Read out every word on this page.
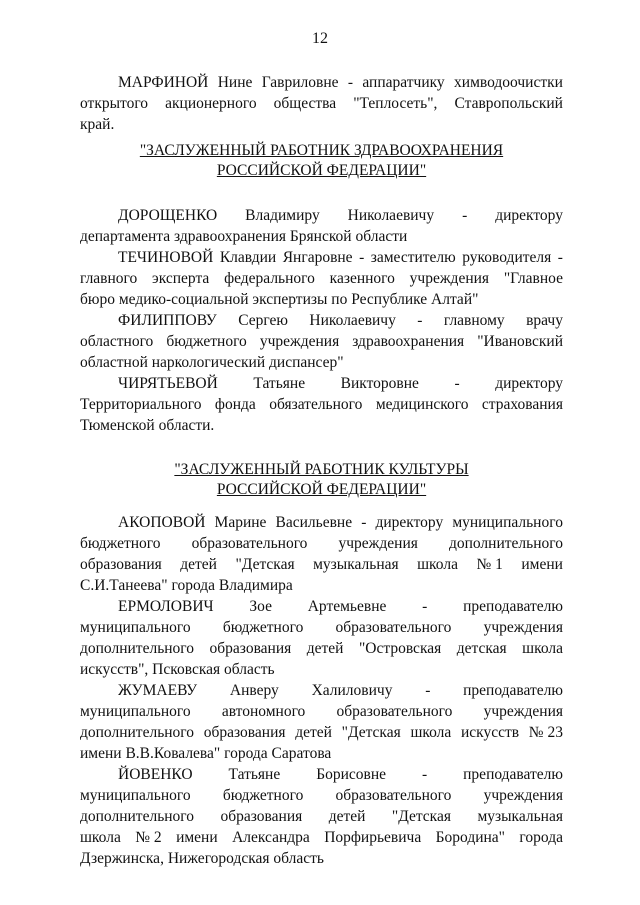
12
МАРФИНОЙ Нине Гавриловне - аппаратчику химводоочистки
открытого акционерного общества "Теплосеть", Ставропольский
край.
"ЗАСЛУЖЕННЫЙ РАБОТНИК ЗДРАВООХРАНЕНИЯ
РОССИЙСКОЙ ФЕДЕРАЦИИ"
ДОРОЩЕНКО Владимиру Николаевичу - директору
департамента здравоохранения Брянской области
ТЕЧИНОВОЙ Клавдии Янгаровне - заместителю руководителя -
главного эксперта федерального казенного учреждения "Главное
бюро медико-социальной экспертизы по Республике Алтай"
ФИЛИППОВУ Сергею Николаевичу - главному врачу
областного бюджетного учреждения здравоохранения "Ивановский
областной наркологический диспансер"
ЧИРЯТЬЕВОЙ Татьяне Викторовне - директору
Территориального фонда обязательного медицинского страхования
Тюменской области.
"ЗАСЛУЖЕННЫЙ РАБОТНИК КУЛЬТУРЫ
РОССИЙСКОЙ ФЕДЕРАЦИИ"
АКОПОВОЙ Марине Васильевне - директору муниципального
бюджетного образовательного учреждения дополнительного
образования детей "Детская музыкальная школа № 1 имени
С.И.Танеева" города Владимира
ЕРМОЛОВИЧ Зое Артемьевне - преподавателю
муниципального бюджетного образовательного учреждения
дополнительного образования детей "Островская детская школа
искусств", Псковская область
ЖУМАЕВУ Анверу Халиловичу - преподавателю
муниципального автономного образовательного учреждения
дополнительного образования детей "Детская школа искусств № 23
имени В.В.Ковалева" города Саратова
ЙОВЕНКО Татьяне Борисовне - преподавателю
муниципального бюджетного образовательного учреждения
дополнительного образования детей "Детская музыкальная
школа № 2 имени Александра Порфирьевича Бородина" города
Дзержинска, Нижегородская область
